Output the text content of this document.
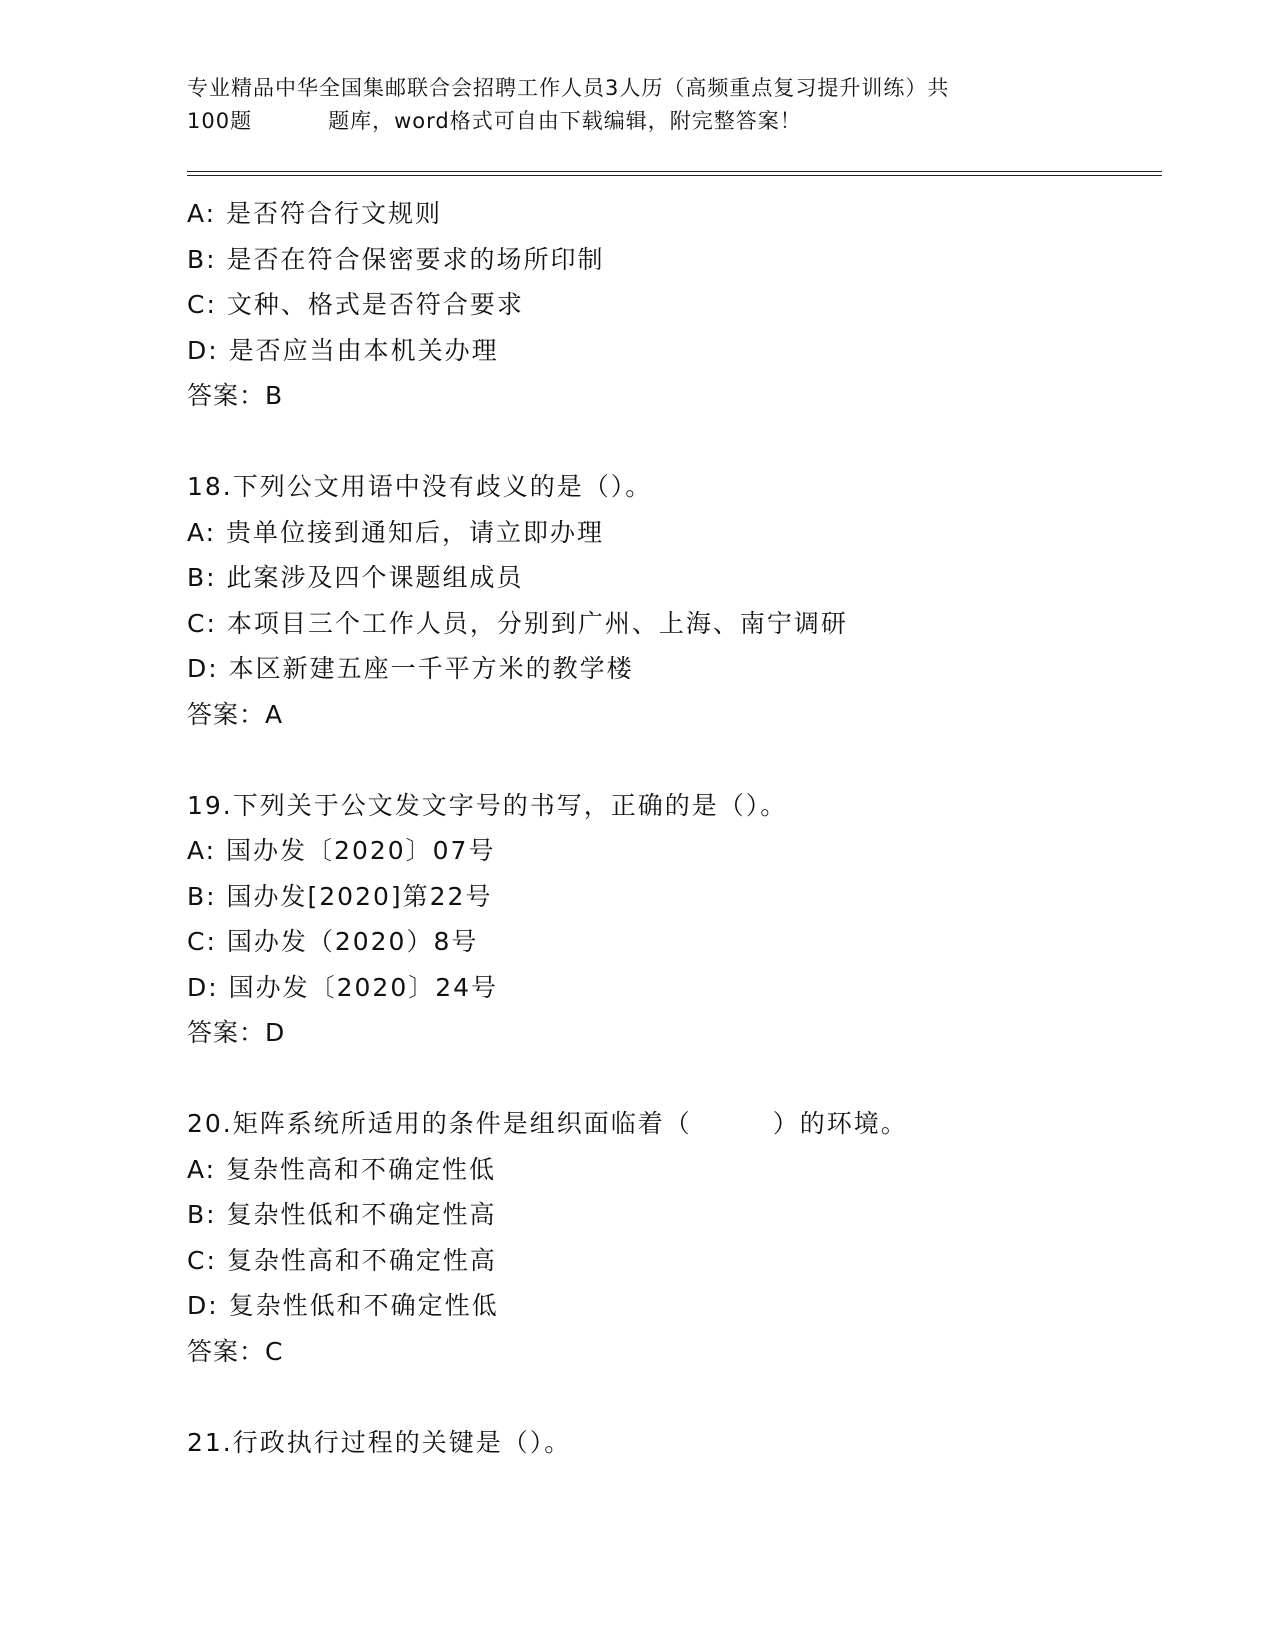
专业精品中华全国集邮联合会招聘工作人员3人历（高频重点复习提升训练）共
100题	题库，word格式可自由下载编辑，附完整答案！
A: 是否符合行文规则
B: 是否在符合保密要求的场所印制
C: 文种、格式是否符合要求
D: 是否应当由本机关办理
答案：B
18.下列公文用语中没有歧义的是（）。
A: 贵单位接到通知后，请立即办理
B: 此案涉及四个课题组成员
C: 本项目三个工作人员，分别到广州、上海、南宁调研
D: 本区新建五座一千平方米的教学楼
答案：A
19.下列关于公文发文字号的书写，正确的是（）。
A: 国办发〔2020〕07号
B: 国办发[2020]第22号
C: 国办发（2020）8号
D: 国办发〔2020〕24号
答案：D
20.矩阵系统所适用的条件是组织面临着（　　　）的环境。
A: 复杂性高和不确定性低
B: 复杂性低和不确定性高
C: 复杂性高和不确定性高
D: 复杂性低和不确定性低
答案：C
21.行政执行过程的关键是（）。
